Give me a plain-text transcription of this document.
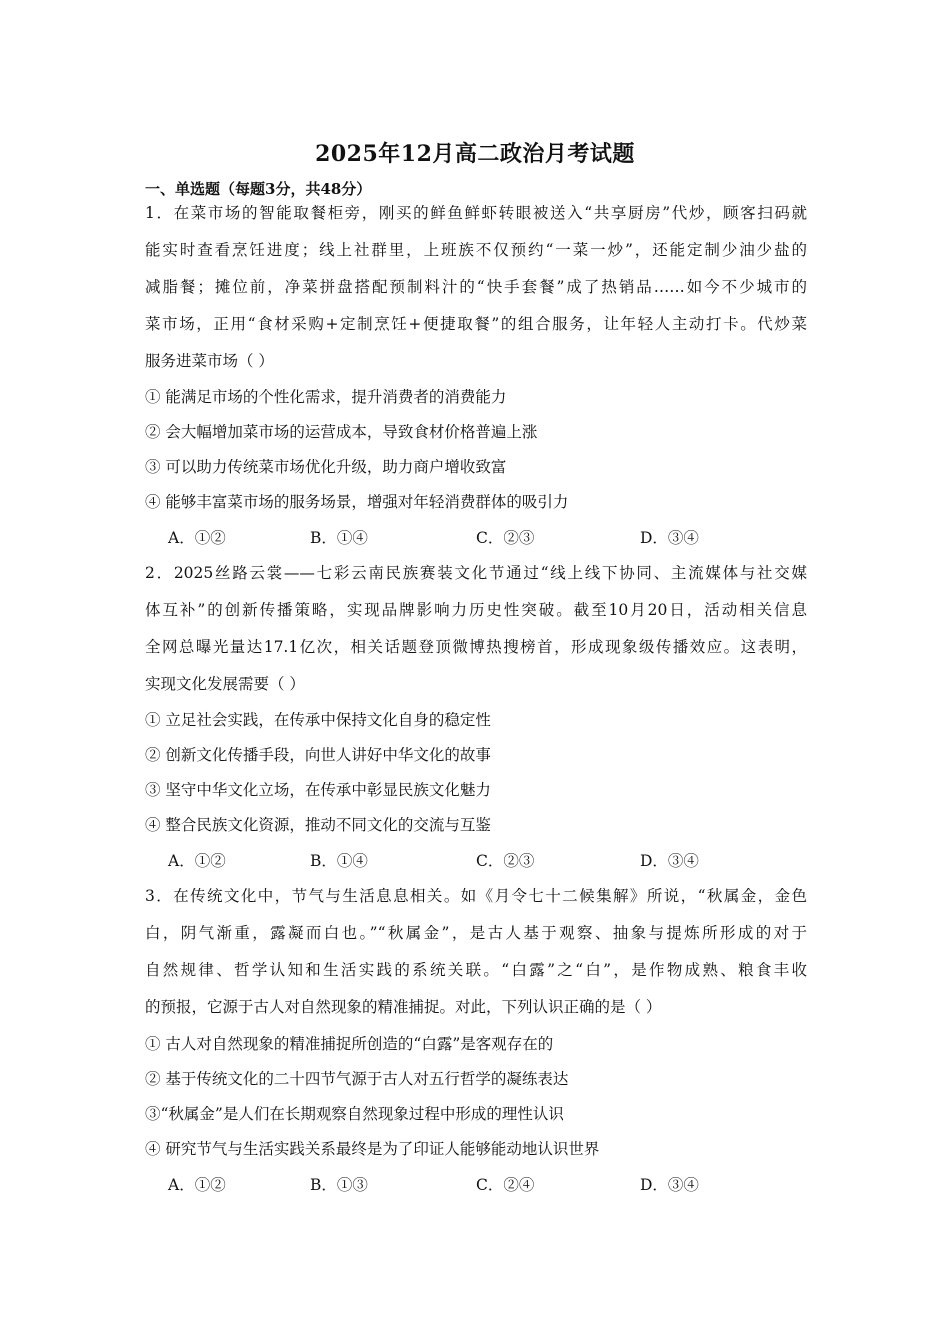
2025年12月高二政治月考试题
一、单选题（每题3分，共48分）
1．在菜市场的智能取餐柜旁，刚买的鲜鱼鲜虾转眼被送入“共享厨房”代炒，顾客扫码就
能实时查看烹饪进度；线上社群里，上班族不仅预约“一菜一炒”，还能定制少油少盐的
减脂餐；摊位前，净菜拼盘搭配预制料汁的“快手套餐”成了热销品……如今不少城市的
菜市场，正用“食材采购+定制烹饪+便捷取餐”的组合服务，让年轻人主动打卡。代炒菜
服务进菜市场（ ）
① 能满足市场的个性化需求，提升消费者的消费能力
② 会大幅增加菜市场的运营成本，导致食材价格普遍上涨
③ 可以助力传统菜市场优化升级，助力商户增收致富
④ 能够丰富菜市场的服务场景，增强对年轻消费群体的吸引力
A．①②	B．①④	C．②③	D．③④
2．2025丝路云裳——七彩云南民族赛装文化节通过“线上线下协同、主流媒体与社交媒
体互补”的创新传播策略，实现品牌影响力历史性突破。截至10月20日，活动相关信息
全网总曝光量达17.1亿次，相关话题登顶微博热搜榜首，形成现象级传播效应。这表明，
实现文化发展需要（ ）
① 立足社会实践，在传承中保持文化自身的稳定性
② 创新文化传播手段，向世人讲好中华文化的故事
③ 坚守中华文化立场，在传承中彰显民族文化魅力
④ 整合民族文化资源，推动不同文化的交流与互鉴
A．①②	B．①④	C．②③	D．③④
3．在传统文化中，节气与生活息息相关。如《月令七十二候集解》所说，“秋属金，金色
白，阴气渐重，露凝而白也。”“秋属金”，是古人基于观察、抽象与提炼所形成的对于
自然规律、哲学认知和生活实践的系统关联。“白露”之“白”，是作物成熟、粮食丰收
的预报，它源于古人对自然现象的精准捕捉。对此，下列认识正确的是（ ）
① 古人对自然现象的精准捕捉所创造的“白露”是客观存在的
② 基于传统文化的二十四节气源于古人对五行哲学的凝练表达
③“秋属金”是人们在长期观察自然现象过程中形成的理性认识
④ 研究节气与生活实践关系最终是为了印证人能够能动地认识世界
A．①②	B．①③	C．②④	D．③④
